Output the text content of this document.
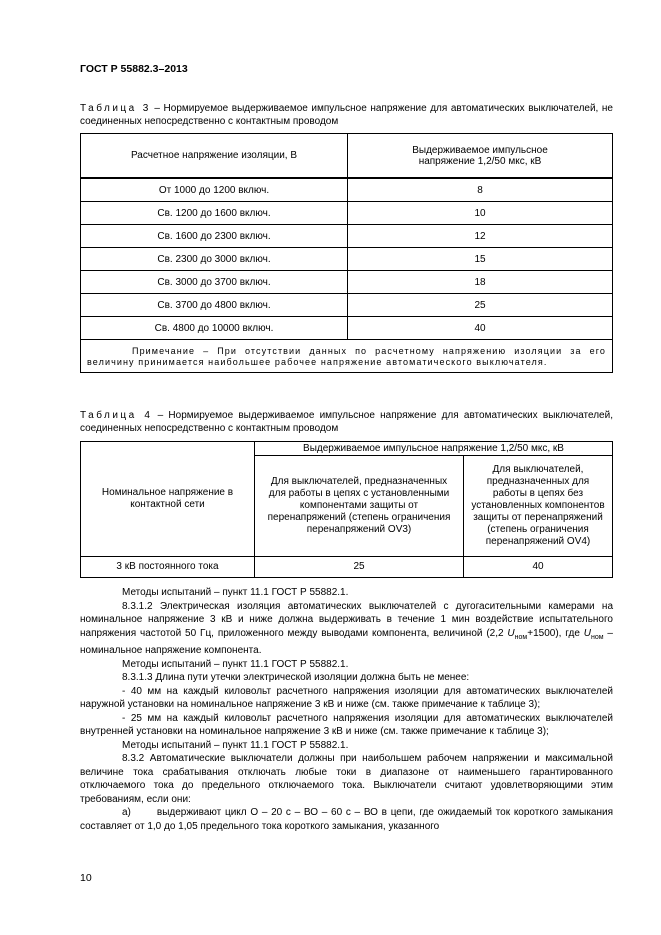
ГОСТ Р 55882.3–2013
Таблица 3 – Нормируемое выдерживаемое импульсное напряжение для автоматических выключателей, не соединенных непосредственно с контактным проводом
Расчетное напряжение изоляции, В	Выдерживаемое импульсное напряжение 1,2/50 мкс, кВ
От 1000 до 1200 включ.	8
Св. 1200 до 1600 включ.	10
Св. 1600 до 2300 включ.	12
Св. 2300 до 3000 включ.	15
Св. 3000 до 3700 включ.	18
Св. 3700 до 4800 включ.	25
Св. 4800 до 10000 включ.	40
Примечание – При отсутствии данных по расчетному напряжению изоляции за его величину принимается наибольшее рабочее напряжение автоматического выключателя.	
Таблица 4 – Нормируемое выдерживаемое импульсное напряжение для автоматических выключателей, соединенных непосредственно с контактным проводом
Номинальное напряжение в контактной сети	Выдерживаемое импульсное напряжение 1,2/50 мкс, кВ	
	Для выключателей, предназначенных для работы в цепях с установленными компонентами защиты от перенапряжений (степень ограничения перенапряжений OV3)	Для выключателей, предназначенных для работы в цепях без установленных компонентов защиты от перенапряжений (степень ограничения перенапряжений OV4)
3 кВ постоянного тока	25	40

Методы испытаний – пункт 11.1 ГОСТ Р 55882.1.

8.3.1.2 Электрическая изоляция автоматических выключателей с дугогасительными камерами на номинальное напряжение 3 кВ и ниже должна выдерживать в течение 1 мин воздействие испытательного напряжения частотой 50 Гц, приложенного между выводами компонента, величиной (2,2 $U_{ном}+1500$), где $U_{ном}$ – номинальное напряжение компонента.

Методы испытаний – пункт 11.1 ГОСТ Р 55882.1.

8.3.1.3 Длина пути утечки электрической изоляции должна быть не менее:

- 40 мм на каждый киловольт расчетного напряжения изоляции для автоматических выключателей наружной установки на номинальное напряжение 3 кВ и ниже (см. также примечание к таблице 3);

- 25 мм на каждый киловольт расчетного напряжения изоляции для автоматических выключателей внутренней установки на номинальное напряжение 3 кВ и ниже (см. также примечание к таблице 3);

Методы испытаний – пункт 11.1 ГОСТ Р 55882.1.

8.3.2 Автоматические выключатели должны при наибольшем рабочем напряжении и максимальной величине тока срабатывания отключать любые токи в диапазоне от наименьшего гарантированного отключаемого тока до предельного отключаемого тока. Выключатели считают удовлетворяющими этим требованиям, если они:

а)	выдерживают цикл О – 20 с – ВО – 60 с – ВО в цепи, где ожидаемый ток короткого замыкания составляет от 1,0 до 1,05 предельного тока короткого замыкания, указанного

10
